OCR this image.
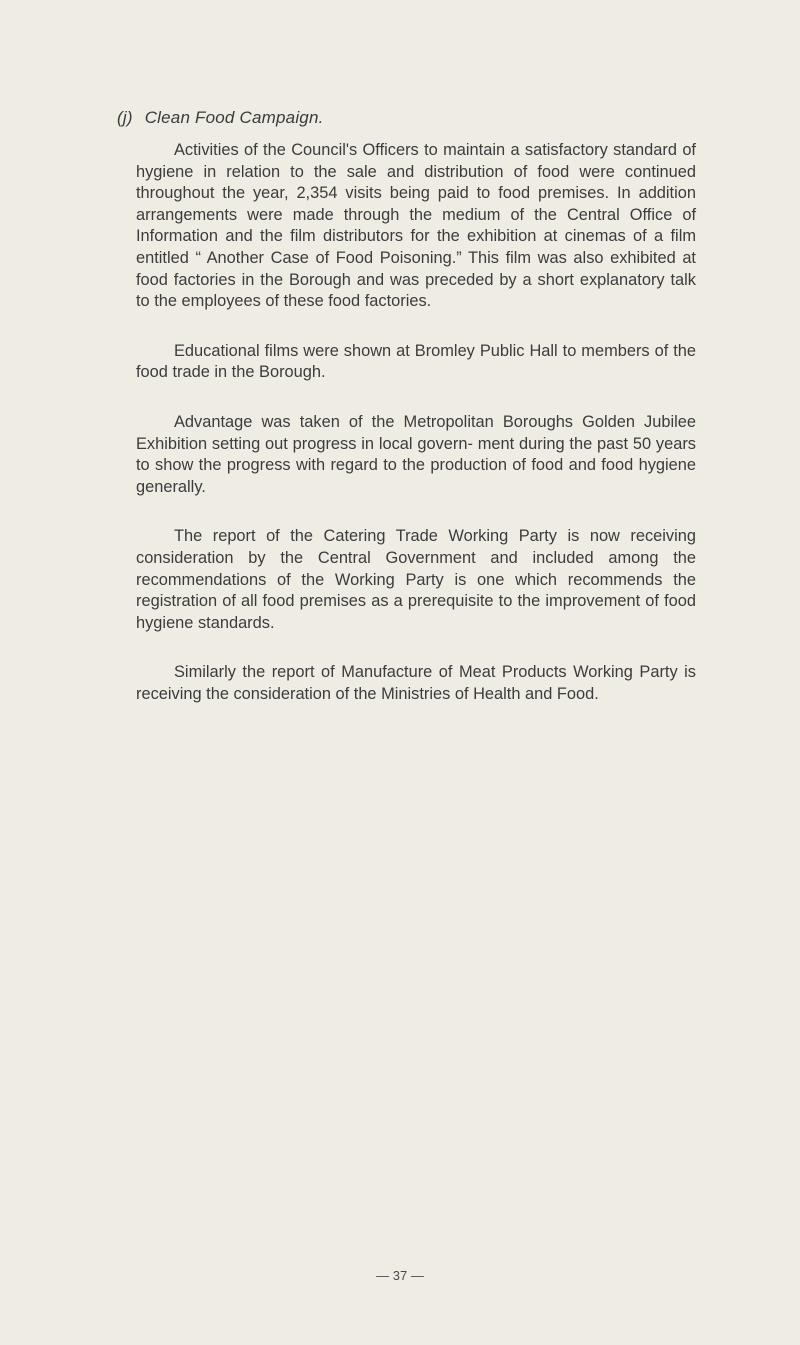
(j) Clean Food Campaign.

Activities of the Council's Officers to maintain a satisfactory standard of hygiene in relation to the sale and distribution of food were continued throughout the year, 2,354 visits being paid to food premises. In addition arrangements were made through the medium of the Central Office of Information and the film distributors for the exhibition at cinemas of a film entitled “ Another Case of Food Poisoning.” This film was also exhibited at food factories in the Borough and was preceded by a short explanatory talk to the employees of these food factories.

Educational films were shown at Bromley Public Hall to members of the food trade in the Borough.

Advantage was taken of the Metropolitan Boroughs Golden Jubilee Exhibition setting out progress in local govern- ment during the past 50 years to show the progress with regard to the production of food and food hygiene generally.

The report of the Catering Trade Working Party is now receiving consideration by the Central Government and included among the recommendations of the Working Party is one which recommends the registration of all food premises as a prerequisite to the improvement of food hygiene standards.

Similarly the report of Manufacture of Meat Products Working Party is receiving the consideration of the Ministries of Health and Food.

— 37 —
